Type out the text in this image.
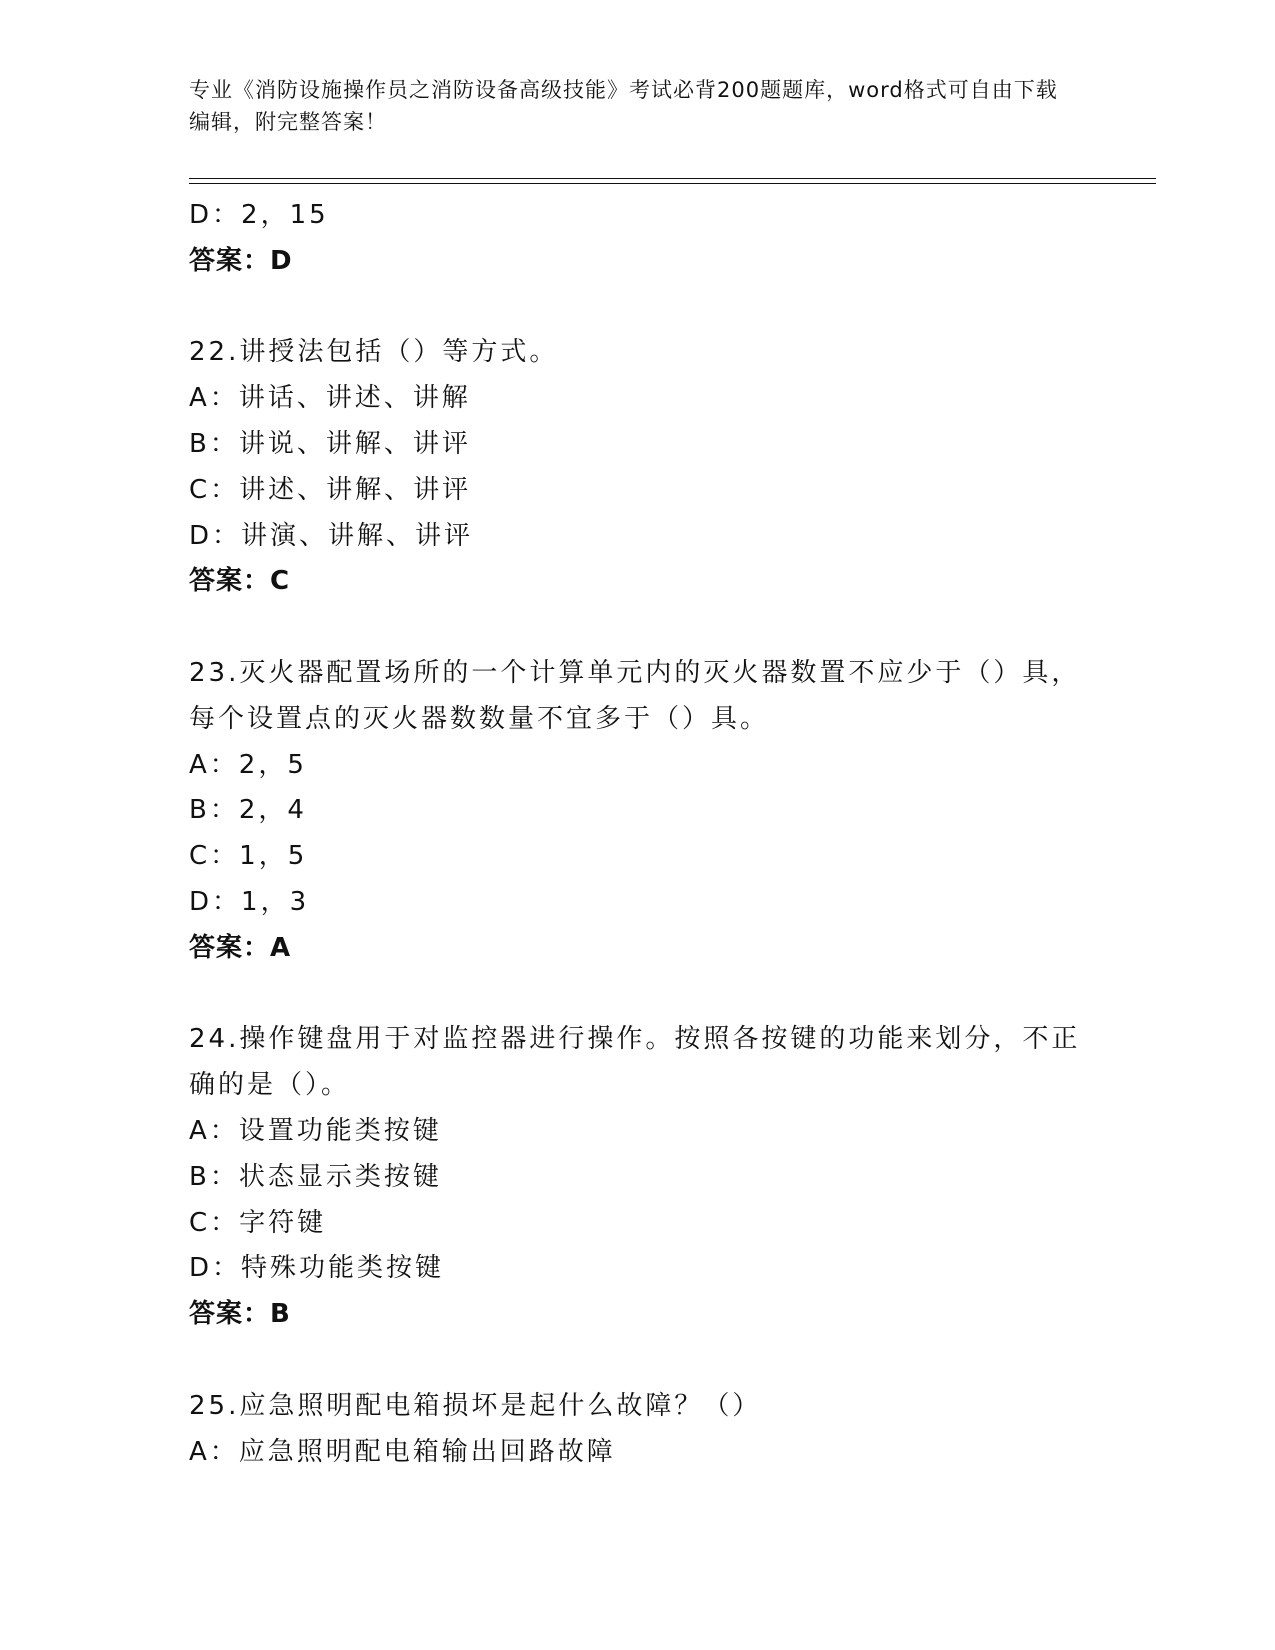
专业《消防设施操作员之消防设备高级技能》考试必背200题题库，word格式可自由下载编辑，附完整答案！
D：2，15
答案：D
22.讲授法包括（）等方式。
A：讲话、讲述、讲解
B：讲说、讲解、讲评
C：讲述、讲解、讲评
D：讲演、讲解、讲评
答案：C
23.灭火器配置场所的一个计算单元内的灭火器数置不应少于（）具，
每个设置点的灭火器数数量不宜多于（）具。
A：2，5
B：2，4
C：1，5
D：1，3
答案：A
24.操作键盘用于对监控器进行操作。按照各按键的功能来划分，不正
确的是（）。
A：设置功能类按键
B：状态显示类按键
C：字符键
D：特殊功能类按键
答案：B
25.应急照明配电箱损坏是起什么故障？（）
A：应急照明配电箱输出回路故障
